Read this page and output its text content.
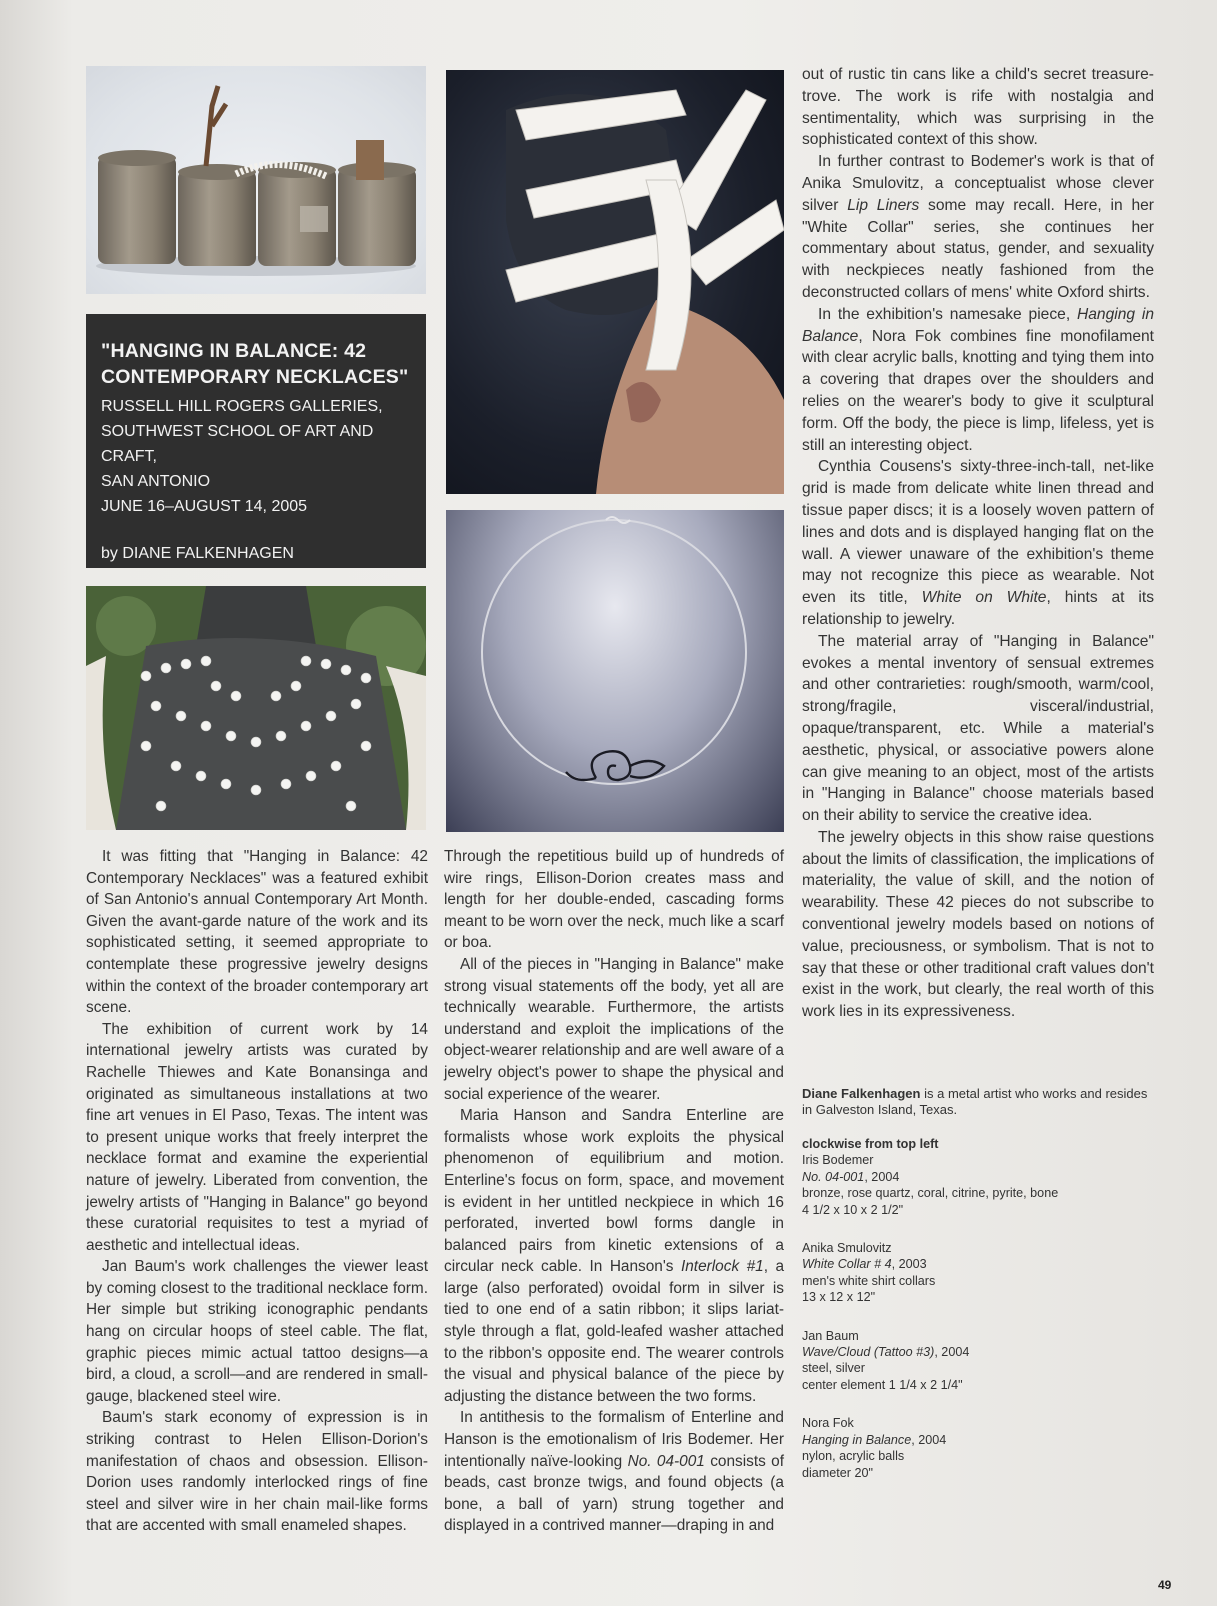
"HANGING IN BALANCE: 42 CONTEMPORARY NECKLACES"
RUSSELL HILL ROGERS GALLERIES,
SOUTHWEST SCHOOL OF ART AND CRAFT,
SAN ANTONIO
JUNE 16–AUGUST 14, 2005
by DIANE FALKENHAGEN

It was fitting that "Hanging in Balance: 42 Contemporary Necklaces" was a featured exhibit of San Antonio's annual Contemporary Art Month. Given the avant-garde nature of the work and its sophisticated setting, it seemed appropriate to contemplate these progressive jewelry designs within the context of the broader contemporary art scene.

The exhibition of current work by 14 international jewelry artists was curated by Rachelle Thiewes and Kate Bonansinga and originated as simultaneous installations at two fine art venues in El Paso, Texas. The intent was to present unique works that freely interpret the necklace format and examine the experiential nature of jewelry. Liberated from convention, the jewelry artists of "Hanging in Balance" go beyond these curatorial requisites to test a myriad of aesthetic and intellectual ideas.

Jan Baum's work challenges the viewer least by coming closest to the traditional necklace form. Her simple but striking iconographic pendants hang on circular hoops of steel cable. The flat, graphic pieces mimic actual tattoo designs—a bird, a cloud, a scroll—and are rendered in small-gauge, blackened steel wire.

Baum's stark economy of expression is in striking contrast to Helen Ellison-Dorion's manifestation of chaos and obsession. Ellison-Dorion uses randomly interlocked rings of fine steel and silver wire in her chain mail-like forms that are accented with small enameled shapes.

Through the repetitious build up of hundreds of wire rings, Ellison-Dorion creates mass and length for her double-ended, cascading forms meant to be worn over the neck, much like a scarf or boa.

All of the pieces in "Hanging in Balance" make strong visual statements off the body, yet all are technically wearable. Furthermore, the artists understand and exploit the implications of the object-wearer relationship and are well aware of a jewelry object's power to shape the physical and social experience of the wearer.

Maria Hanson and Sandra Enterline are formalists whose work exploits the physical phenomenon of equilibrium and motion. Enterline's focus on form, space, and movement is evident in her untitled neckpiece in which 16 perforated, inverted bowl forms dangle in balanced pairs from kinetic extensions of a circular neck cable. In Hanson's Interlock #1, a large (also perforated) ovoidal form in silver is tied to one end of a satin ribbon; it slips lariat-style through a flat, gold-leafed washer attached to the ribbon's opposite end. The wearer controls the visual and physical balance of the piece by adjusting the distance between the two forms.

In antithesis to the formalism of Enterline and Hanson is the emotionalism of Iris Bodemer. Her intentionally naïve-looking No. 04-001 consists of beads, cast bronze twigs, and found objects (a bone, a ball of yarn) strung together and displayed in a contrived manner—draping in and

out of rustic tin cans like a child's secret treasure-trove. The work is rife with nostalgia and sentimentality, which was surprising in the sophisticated context of this show.

In further contrast to Bodemer's work is that of Anika Smulovitz, a conceptualist whose clever silver Lip Liners some may recall. Here, in her "White Collar" series, she continues her commentary about status, gender, and sexuality with neckpieces neatly fashioned from the deconstructed collars of mens' white Oxford shirts.

In the exhibition's namesake piece, Hanging in Balance, Nora Fok combines fine monofilament with clear acrylic balls, knotting and tying them into a covering that drapes over the shoulders and relies on the wearer's body to give it sculptural form. Off the body, the piece is limp, lifeless, yet is still an interesting object.

Cynthia Cousens's sixty-three-inch-tall, net-like grid is made from delicate white linen thread and tissue paper discs; it is a loosely woven pattern of lines and dots and is displayed hanging flat on the wall. A viewer unaware of the exhibition's theme may not recognize this piece as wearable. Not even its title, White on White, hints at its relationship to jewelry.

The material array of "Hanging in Balance" evokes a mental inventory of sensual extremes and other contrarieties: rough/smooth, warm/cool, strong/fragile, visceral/industrial, opaque/transparent, etc. While a material's aesthetic, physical, or associative powers alone can give meaning to an object, most of the artists in "Hanging in Balance" choose materials based on their ability to service the creative idea.

The jewelry objects in this show raise questions about the limits of classification, the implications of materiality, the value of skill, and the notion of wearability. These 42 pieces do not subscribe to conventional jewelry models based on notions of value, preciousness, or symbolism. That is not to say that these or other traditional craft values don't exist in the work, but clearly, the real worth of this work lies in its expressiveness.

Diane Falkenhagen is a metal artist who works and resides in Galveston Island, Texas.
clockwise from top left
Iris Bodemer
No. 04-001, 2004
bronze, rose quartz, coral, citrine, pyrite, bone
4 1/2 x 10 x 2 1/2"
Anika Smulovitz
White Collar # 4, 2003
men's white shirt collars
13 x 12 x 12"
Jan Baum
Wave/Cloud (Tattoo #3), 2004
steel, silver
center element 1 1/4 x 2 1/4"
Nora Fok
Hanging in Balance, 2004
nylon, acrylic balls
diameter 20"
49
